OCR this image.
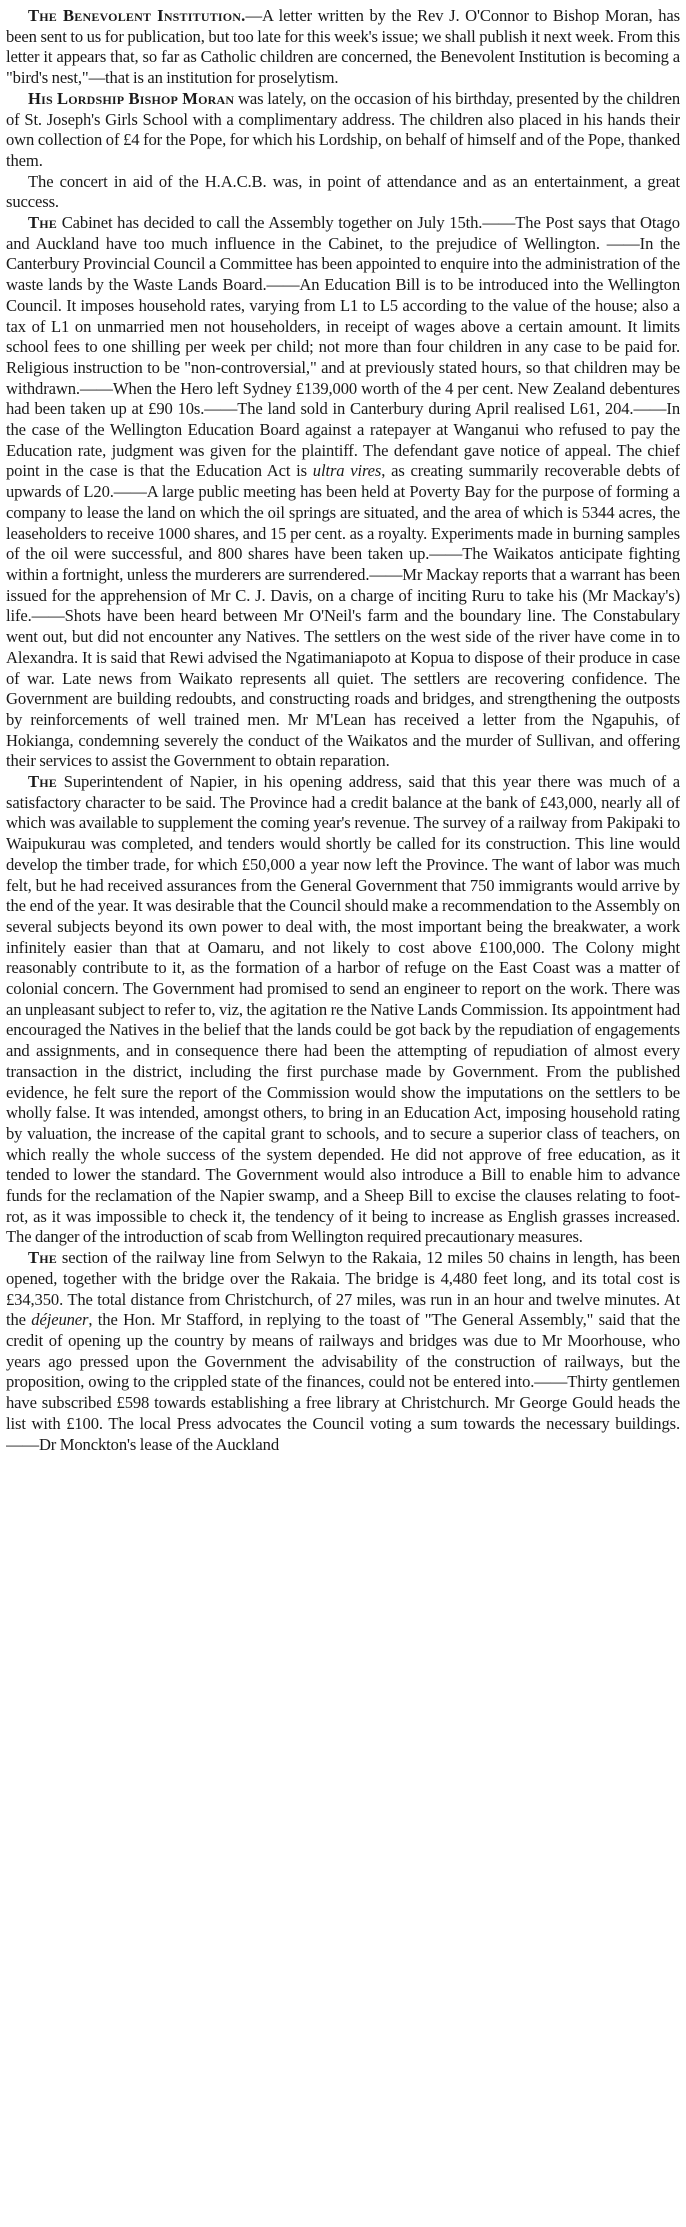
The Benevolent Institution.—A letter written by the Rev J. O'Connor to Bishop Moran, has been sent to us for publication, but too late for this week's issue; we shall publish it next week. From this letter it appears that, so far as Catholic children are concerned, the Benevolent Institution is becoming a "bird's nest,"—that is an institution for proselytism.

His Lordship Bishop Moran was lately, on the occasion of his birthday, presented by the children of St. Joseph's Girls School with a complimentary address. The children also placed in his hands their own collection of £4 for the Pope, for which his Lordship, on behalf of himself and of the Pope, thanked them.

The concert in aid of the H.A.C.B. was, in point of attendance and as an entertainment, a great success.

The Cabinet has decided to call the Assembly together on July 15th.——The Post says that Otago and Auckland have too much influence in the Cabinet, to the prejudice of Wellington. ——In the Canterbury Provincial Council a Committee has been appointed to enquire into the administration of the waste lands by the Waste Lands Board.——An Education Bill is to be introduced into the Wellington Council. It imposes household rates, varying from L1 to L5 according to the value of the house; also a tax of L1 on unmarried men not householders, in receipt of wages above a certain amount. It limits school fees to one shilling per week per child; not more than four children in any case to be paid for. Religious instruction to be "non-controversial," and at previously stated hours, so that children may be withdrawn.——When the Hero left Sydney £139,000 worth of the 4 per cent. New Zealand debentures had been taken up at £90 10s.——The land sold in Canterbury during April realised L61, 204.——In the case of the Wellington Education Board against a ratepayer at Wanganui who refused to pay the Education rate, judgment was given for the plaintiff. The defendant gave notice of appeal. The chief point in the case is that the Education Act is ultra vires, as creating summarily recoverable debts of upwards of L20.——A large public meeting has been held at Poverty Bay for the purpose of forming a company to lease the land on which the oil springs are situated, and the area of which is 5344 acres, the leaseholders to receive 1000 shares, and 15 per cent. as a royalty. Experiments made in burning samples of the oil were successful, and 800 shares have been taken up.——The Waikatos anticipate fighting within a fortnight, unless the murderers are surrendered.——Mr Mackay reports that a warrant has been issued for the apprehension of Mr C. J. Davis, on a charge of inciting Ruru to take his (Mr Mackay's) life.——Shots have been heard between Mr O'Neil's farm and the boundary line. The Constabulary went out, but did not encounter any Natives. The settlers on the west side of the river have come in to Alexandra. It is said that Rewi advised the Ngatimaniapoto at Kopua to dispose of their produce in case of war. Late news from Waikato represents all quiet. The settlers are recovering confidence. The Government are building redoubts, and constructing roads and bridges, and strengthening the outposts by reinforcements of well trained men. Mr M'Lean has received a letter from the Ngapuhis, of Hokianga, condemning severely the conduct of the Waikatos and the murder of Sullivan, and offering their services to assist the Government to obtain reparation.

The Superintendent of Napier, in his opening address, said that this year there was much of a satisfactory character to be said. The Province had a credit balance at the bank of £43,000, nearly all of which was available to supplement the coming year's revenue. The survey of a railway from Pakipaki to Waipukurau was completed, and tenders would shortly be called for its construction. This line would develop the timber trade, for which £50,000 a year now left the Province. The want of labor was much felt, but he had received assurances from the General Government that 750 immigrants would arrive by the end of the year. It was desirable that the Council should make a recommendation to the Assembly on several subjects beyond its own power to deal with, the most important being the breakwater, a work infinitely easier than that at Oamaru, and not likely to cost above £100,000. The Colony might reasonably contribute to it, as the formation of a harbor of refuge on the East Coast was a matter of colonial concern. The Government had promised to send an engineer to report on the work. There was an unpleasant subject to refer to, viz, the agitation re the Native Lands Commission. Its appointment had encouraged the Natives in the belief that the lands could be got back by the repudiation of engagements and assignments, and in consequence there had been the attempting of repudiation of almost every transaction in the district, including the first purchase made by Government. From the published evidence, he felt sure the report of the Commission would show the imputations on the settlers to be wholly false. It was intended, amongst others, to bring in an Education Act, imposing household rating by valuation, the increase of the capital grant to schools, and to secure a superior class of teachers, on which really the whole success of the system depended. He did not approve of free education, as it tended to lower the standard. The Government would also introduce a Bill to enable him to advance funds for the reclamation of the Napier swamp, and a Sheep Bill to excise the clauses relating to foot-rot, as it was impossible to check it, the tendency of it being to increase as English grasses increased. The danger of the introduction of scab from Wellington required precautionary measures.

The section of the railway line from Selwyn to the Rakaia, 12 miles 50 chains in length, has been opened, together with the bridge over the Rakaia. The bridge is 4,480 feet long, and its total cost is £34,350. The total distance from Christchurch, of 27 miles, was run in an hour and twelve minutes. At the déjeuner, the Hon. Mr Stafford, in replying to the toast of "The General Assembly," said that the credit of opening up the country by means of railways and bridges was due to Mr Moorhouse, who years ago pressed upon the Government the advisability of the construction of railways, but the proposition, owing to the crippled state of the finances, could not be entered into.——Thirty gentlemen have subscribed £598 towards establishing a free library at Christchurch. Mr George Gould heads the list with £100. The local Press advocates the Council voting a sum towards the necessary buildings.——Dr Monckton's lease of the Auckland
